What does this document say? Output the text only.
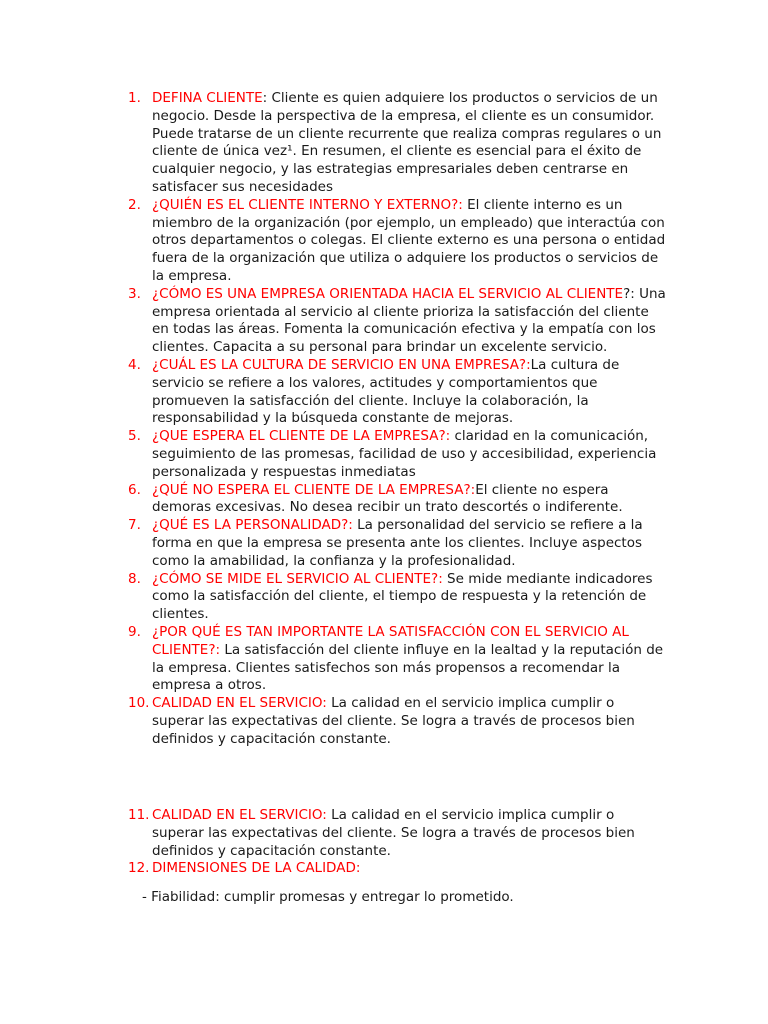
1. DEFINA CLIENTE: Cliente es quien adquiere los productos o servicios de un negocio. Desde la perspectiva de la empresa, el cliente es un consumidor. Puede tratarse de un cliente recurrente que realiza compras regulares o un cliente de única vez¹. En resumen, el cliente es esencial para el éxito de cualquier negocio, y las estrategias empresariales deben centrarse en satisfacer sus necesidades
2. ¿QUIÉN ES EL CLIENTE INTERNO Y EXTERNO?: El cliente interno es un miembro de la organización (por ejemplo, un empleado) que interactúa con otros departamentos o colegas. El cliente externo es una persona o entidad fuera de la organización que utiliza o adquiere los productos o servicios de la empresa.
3. ¿CÓMO ES UNA EMPRESA ORIENTADA HACIA EL SERVICIO AL CLIENTE?: Una empresa orientada al servicio al cliente prioriza la satisfacción del cliente en todas las áreas. Fomenta la comunicación efectiva y la empatía con los clientes. Capacita a su personal para brindar un excelente servicio.
4. ¿CUÁL ES LA CULTURA DE SERVICIO EN UNA EMPRESA?:La cultura de servicio se refiere a los valores, actitudes y comportamientos que promueven la satisfacción del cliente. Incluye la colaboración, la responsabilidad y la búsqueda constante de mejoras.
5. ¿QUE ESPERA EL CLIENTE DE LA EMPRESA?: claridad en la comunicación, seguimiento de las promesas, facilidad de uso y accesibilidad, experiencia personalizada y respuestas inmediatas
6. ¿QUÉ NO ESPERA EL CLIENTE DE LA EMPRESA?:El cliente no espera demoras excesivas. No desea recibir un trato descortés o indiferente.
7. ¿QUÉ ES LA PERSONALIDAD?: La personalidad del servicio se refiere a la forma en que la empresa se presenta ante los clientes. Incluye aspectos como la amabilidad, la confianza y la profesionalidad.
8. ¿CÓMO SE MIDE EL SERVICIO AL CLIENTE?: Se mide mediante indicadores como la satisfacción del cliente, el tiempo de respuesta y la retención de clientes.
9. ¿POR QUÉ ES TAN IMPORTANTE LA SATISFACCIÓN CON EL SERVICIO AL CLIENTE?: La satisfacción del cliente influye en la lealtad y la reputación de la empresa. Clientes satisfechos son más propensos a recomendar la empresa a otros.
10. CALIDAD EN EL SERVICIO: La calidad en el servicio implica cumplir o superar las expectativas del cliente. Se logra a través de procesos bien definidos y capacitación constante.
11. CALIDAD EN EL SERVICIO: La calidad en el servicio implica cumplir o superar las expectativas del cliente. Se logra a través de procesos bien definidos y capacitación constante.
12. DIMENSIONES DE LA CALIDAD:
- Fiabilidad: cumplir promesas y entregar lo prometido.
